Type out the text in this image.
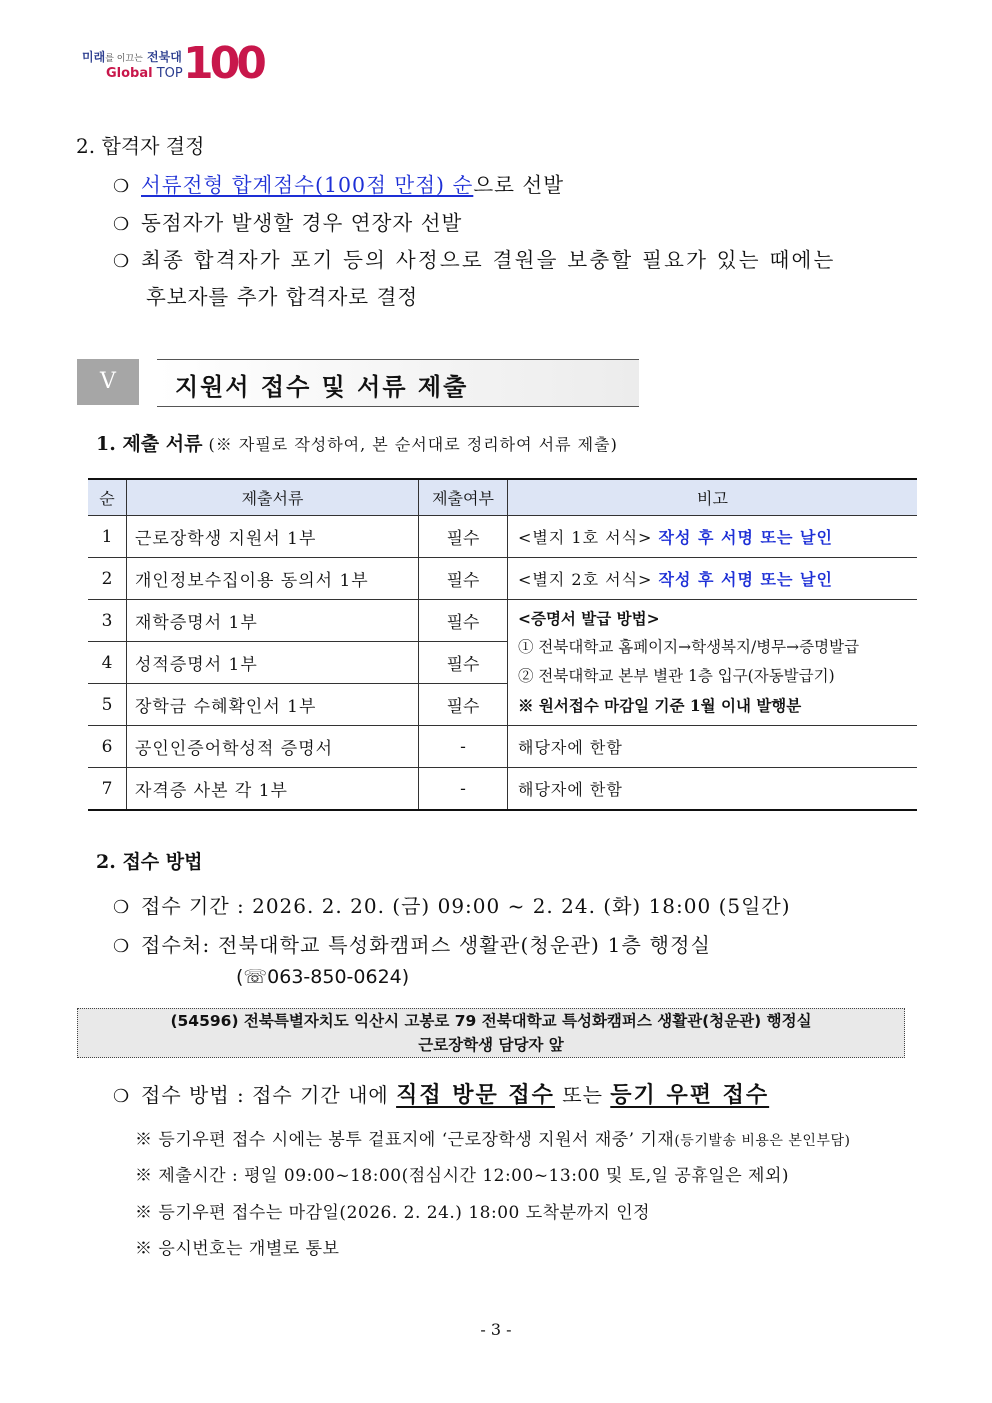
미래를 이끄는 전북대
Global TOP 100
2. 합격자 결정
❍ 서류전형 합계점수(100점 만점) 순으로 선발
❍ 동점자가 발생할 경우 연장자 선발
❍ 최종 합격자가 포기 등의 사정으로 결원을 보충할 필요가 있는 때에는
후보자를 추가 합격자로 결정
Ⅴ	지원서 접수 및 서류 제출
1. 제출 서류 (※ 자필로 작성하여, 본 순서대로 정리하여 서류 제출)
순	제출서류	제출여부	비고
1	근로장학생 지원서 1부	필수	<별지 1호 서식> 작성 후 서명 또는 날인
2	개인정보수집이용 동의서 1부	필수	<별지 2호 서식> 작성 후 서명 또는 날인
3	재학증명서 1부	필수	<증명서 발급 방법>
① 전북대학교 홈페이지→학생복지/병무→증명발급
② 전북대학교 본부 별관 1층 입구(자동발급기)
※ 원서접수 마감일 기준 1월 이내 발행분

4	성적증명서 1부	필수	
5	장학금 수혜확인서 1부	필수	
6	공인인증어학성적 증명서	-	해당자에 한함
7	자격증 사본 각 1부	-	해당자에 한함
2. 접수 방법
❍ 접수 기간 : 2026. 2. 20. (금) 09:00 ~ 2. 24. (화) 18:00 (5일간)
❍ 접수처: 전북대학교 특성화캠퍼스 생활관(청운관) 1층 행정실
(☏063-850-0624)
(54596) 전북특별자치도 익산시 고봉로 79 전북대학교 특성화캠퍼스 생활관(청운관) 행정실
근로장학생 담당자 앞
❍ 접수 방법 : 접수 기간 내에 직접 방문 접수 또는 등기 우편 접수
※ 등기우편 접수 시에는 봉투 겉표지에 ‘근로장학생 지원서 재중’ 기재(등기발송 비용은 본인부담)
※ 제출시간 : 평일 09:00~18:00(점심시간 12:00~13:00 및 토,일 공휴일은 제외)
※ 등기우편 접수는 마감일(2026. 2. 24.) 18:00 도착분까지 인정
※ 응시번호는 개별로 통보
- 3 -
